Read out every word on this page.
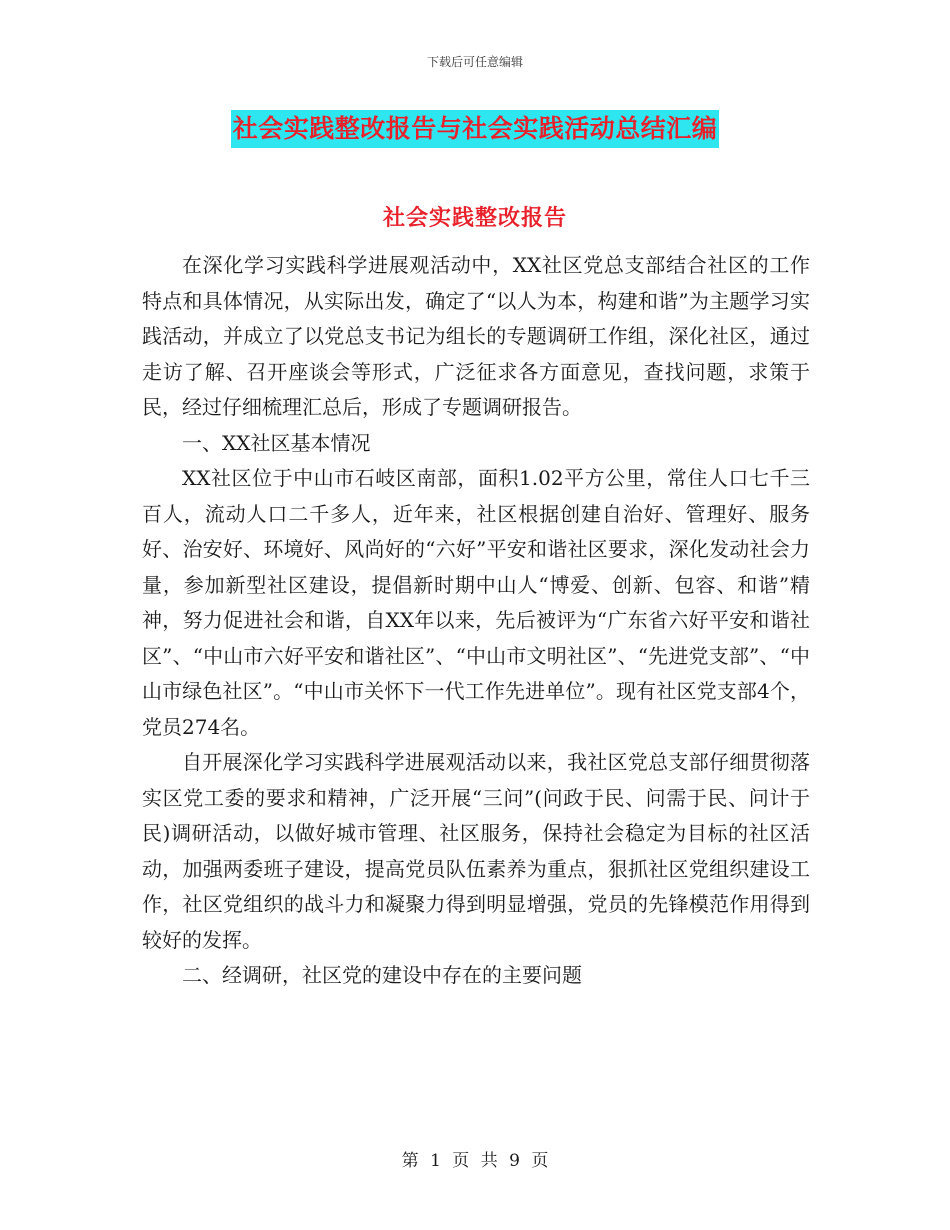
下载后可任意编辑
社会实践整改报告与社会实践活动总结汇编
社会实践整改报告

在深化学习实践科学进展观活动中，XX社区党总支部结合社区的工作特点和具体情况，从实际出发，确定了“以人为本，构建和谐”为主题学习实践活动，并成立了以党总支书记为组长的专题调研工作组，深化社区，通过走访了解、召开座谈会等形式，广泛征求各方面意见，查找问题，求策于民，经过仔细梳理汇总后，形成了专题调研报告。

一、XX社区基本情况

XX社区位于中山市石岐区南部，面积1.02平方公里，常住人口七千三百人，流动人口二千多人，近年来，社区根据创建自治好、管理好、服务好、治安好、环境好、风尚好的“六好”平安和谐社区要求，深化发动社会力量，参加新型社区建设，提倡新时期中山人“博爱、创新、包容、和谐”精神，努力促进社会和谐，自XX年以来，先后被评为“广东省六好平安和谐社区”、“中山市六好平安和谐社区”、“中山市文明社区”、“先进党支部”、“中山市绿色社区”。“中山市关怀下一代工作先进单位”。现有社区党支部4个，党员274名。

自开展深化学习实践科学进展观活动以来，我社区党总支部仔细贯彻落实区党工委的要求和精神，广泛开展“三问”(问政于民、问需于民、问计于民)调研活动，以做好城市管理、社区服务，保持社会稳定为目标的社区活动，加强两委班子建设，提高党员队伍素养为重点，狠抓社区党组织建设工作，社区党组织的战斗力和凝聚力得到明显增强，党员的先锋模范作用得到较好的发挥。

二、经调研，社区党的建设中存在的主要问题

第 1 页 共 9 页
